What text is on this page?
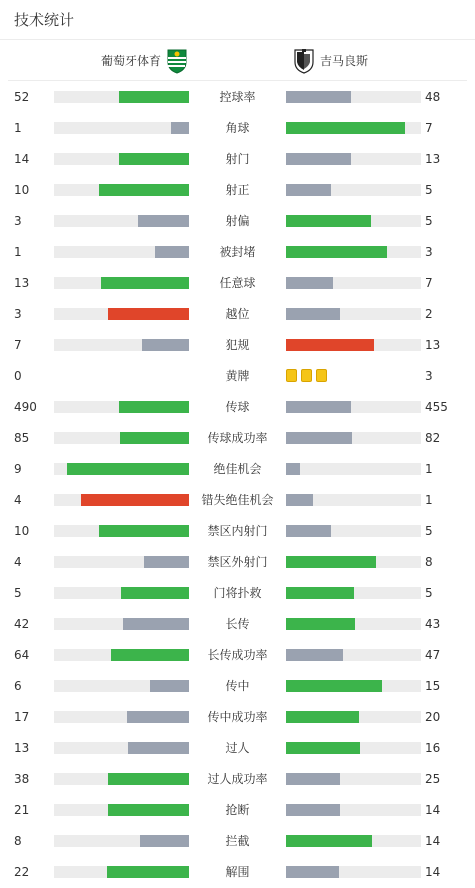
技术统计
葡萄牙体育	吉马良斯
52	控球率	48
1	角球	7
14	射门	13
10	射正	5
3	射偏	5
1	被封堵	3
13	任意球	7
3	越位	2
7	犯规	13
0	黄牌	3
490	传球	455
85	传球成功率	82
9	绝佳机会	1
4	错失绝佳机会	1
10	禁区内射门	5
4	禁区外射门	8
5	门将扑救	5
42	长传	43
64	长传成功率	47
6	传中	15
17	传中成功率	20
13	过人	16
38	过人成功率	25
21	抢断	14
8	拦截	14
22	解围	14
